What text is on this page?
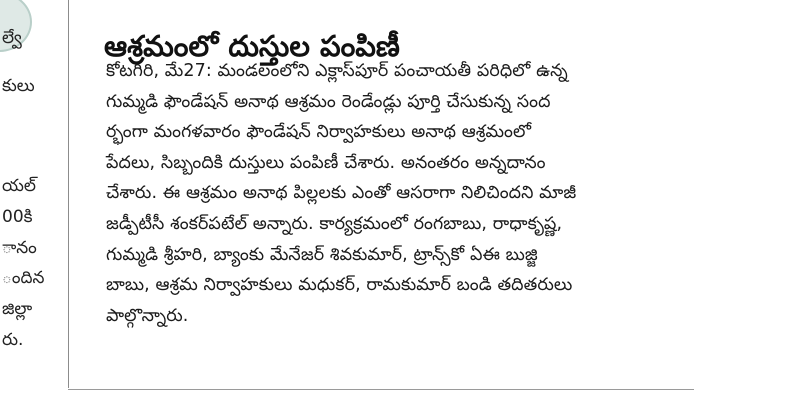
ల్వే
కులు
యల్
00కి
ానం
ందిన
జిల్లా
రు.
ఆశ్రమంలో దుస్తుల పంపిణీ
కోటగిరి, మే27: మండలంలోని ఎక్లాస్‌పూర్ పంచాయతీ పరిధిలో ఉన్న
గుమ్మడి ఫౌండేషన్ అనాథ ఆశ్రమం రెండేండ్లు పూర్తి చేసుకున్న సంద
ర్భంగా మంగళవారం ఫౌండేషన్ నిర్వాహకులు అనాథ ఆశ్రమంలో
పేదలు, సిబ్బందికి దుస్తులు పంపిణీ చేశారు. అనంతరం అన్నదానం
చేశారు. ఈ ఆశ్రమం అనాథ పిల్లలకు ఎంతో ఆసరాగా నిలిచిందని మాజీ
జడ్పీటీసీ శంకర్‌పటేల్ అన్నారు. కార్యక్రమంలో రంగబాబు, రాధాకృష్ణ,
గుమ్మడి శ్రీహరి, బ్యాంకు మేనేజర్ శివకుమార్, ట్రాన్స్‌కో ఏఈ బుజ్జి
బాబు, ఆశ్రమ నిర్వాహకులు మధుకర్, రామకుమార్ బండి తదితరులు
పాల్గొన్నారు.
